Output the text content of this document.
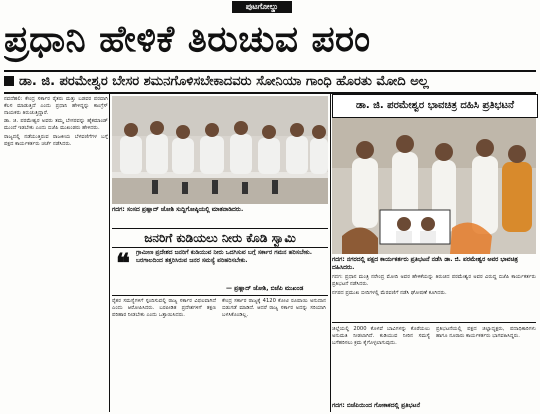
ಪುಟಗೋಲ್ಡು
ಪ್ರಧಾನಿ ಹೇಳಿಕೆ ತಿರುಚುವ ಪರಂ
ಡಾ. ಜಿ. ಪರಮೇಶ್ವರ ಬೇಸರ ಶಮನಗೊಳಿಸಬೇಕಾದವರು ಸೋನಿಯಾ ಗಾಂಧಿ ಹೊರತು ಮೋದಿ ಅಲ್ಲ

ನವದೆಹಲಿ: ಕೇಂದ್ರ ಸರ್ಕಾರ ರೈತರು ಮತ್ತು ಬಡವರ ಪರವಾಗಿ ಕೆಲಸ ಮಾಡುತ್ತಿದೆ ಎಂದು ಪ್ರಧಾನಿ ಹೇಳಿದ್ದನ್ನು ಕಾಂಗ್ರೆಸ್ ನಾಯಕರು ತಿರುಚುತ್ತಿದ್ದಾರೆ.

ಡಾ. ಜಿ. ಪರಮೇಶ್ವರ ಅವರು ತಮ್ಮ ಬೇಸರವನ್ನು ಹೈಕಮಾಂಡ್ ಮುಂದೆ ಇಡಬೇಕು ಎಂದು ಬಿಜೆಪಿ ಮುಖಂಡರು ಹೇಳಿದರು.

ರಾಜ್ಯದಲ್ಲಿ ನಡೆಯುತ್ತಿರುವ ರಾಜಕೀಯ ಬೆಳವಣಿಗೆಗಳ ಬಗ್ಗೆ ಪಕ್ಷದ ಕಾರ್ಯಕರ್ತರು ಚರ್ಚೆ ನಡೆಸಿದರು.

ಗದಗ: ಸಂಸದ ಪ್ರಹ್ಲಾದ್ ಜೋಶಿ ಸುದ್ದಿಗೋಷ್ಠಿಯಲ್ಲಿ ಮಾತನಾಡಿದರು.
ಜನರಿಗೆ ಕುಡಿಯಲು ನೀರು ಕೊಡಿ ಸ್ವಾಮಿ
❝ ಗ್ರಾಮೀಣ ಪ್ರದೇಶದ ಜನರಿಗೆ ಕುಡಿಯುವ ನೀರು ಒದಗಿಸುವ ಬಗ್ಗೆ ಸರ್ಕಾರ ಗಮನ ಹರಿಸಬೇಕು. ಬರಗಾಲದಿಂದ ತತ್ತರಿಸಿರುವ ಜನರ ಸಮಸ್ಯೆ ಪರಿಹರಿಸಬೇಕು.
— ಪ್ರಹ್ಲಾದ್ ಜೋಶಿ, ಬಿಜೆಪಿ ಮುಖಂಡ
ಡಾ. ಜಿ. ಪರಮೇಶ್ವರ ಭಾವಚಿತ್ರ ದಹಿಸಿ ಪ್ರತಿಭಟನೆ
ಗದಗ: ನಗರದಲ್ಲಿ ಪಕ್ಷದ ಕಾರ್ಯಕರ್ತರು ಪ್ರತಿಭಟನೆ ನಡೆಸಿ ಡಾ. ಜಿ. ಪರಮೇಶ್ವರ ಅವರ ಭಾವಚಿತ್ರ ದಹಿಸಿದರು.

ಗದಗ: ಪ್ರಧಾನ ಮಂತ್ರಿ ನರೇಂದ್ರ ಮೋದಿ ಅವರ ಹೇಳಿಕೆಯನ್ನು ತಿರುಚಿದ ಪರಮೇಶ್ವರ ಅವರ ವಿರುದ್ಧ ಬಿಜೆಪಿ ಕಾರ್ಯಕರ್ತರು ಪ್ರತಿಭಟನೆ ನಡೆಸಿದರು.

ನಗರದ ಪ್ರಮುಖ ಬೀದಿಗಳಲ್ಲಿ ಮೆರವಣಿಗೆ ನಡೆಸಿ ಘೋಷಣೆ ಕೂಗಿದರು.

ರೈತರ ಸಮಸ್ಯೆಗಳಿಗೆ ಸ್ಪಂದಿಸುವಲ್ಲಿ ರಾಜ್ಯ ಸರ್ಕಾರ ವಿಫಲವಾಗಿದೆ ಎಂದು ಆರೋಪಿಸಿದರು. ಬರಪೀಡಿತ ಪ್ರದೇಶಗಳಿಗೆ ತಕ್ಷಣ ಪರಿಹಾರ ನೀಡಬೇಕು ಎಂದು ಒತ್ತಾಯಿಸಿದರು.
ಕೇಂದ್ರ ಸರ್ಕಾರ ರಾಜ್ಯಕ್ಕೆ 4120 ಕೋಟಿ ರೂಪಾಯಿ ಅನುದಾನ ಬಿಡುಗಡೆ ಮಾಡಿದೆ. ಆದರೆ ರಾಜ್ಯ ಸರ್ಕಾರ ಅದನ್ನು ಸರಿಯಾಗಿ ಬಳಸಿಕೊಂಡಿಲ್ಲ.
ಜಿಲ್ಲೆಯಲ್ಲಿ 2000 ಕೊಳವೆ ಬಾವಿಗಳನ್ನು ಕೊರೆಯಲು ಅನುಮತಿ ನೀಡಲಾಗಿದೆ. ಕುಡಿಯುವ ನೀರಿನ ಸಮಸ್ಯೆ ಬಗೆಹರಿಸಲು ಕ್ರಮ ಕೈಗೊಳ್ಳಲಾಗುವುದು.
ಪ್ರತಿಭಟನೆಯಲ್ಲಿ ಪಕ್ಷದ ಜಿಲ್ಲಾಧ್ಯಕ್ಷರು, ಪದಾಧಿಕಾರಿಗಳು ಹಾಗೂ ನೂರಾರು ಕಾರ್ಯಕರ್ತರು ಭಾಗವಹಿಸಿದ್ದರು.
ಗದಗ: ಬಿಜೆಪಿಯಿಂದ ಗೋಕಾಕದಲ್ಲಿ ಪ್ರತಿಭಟನೆ
